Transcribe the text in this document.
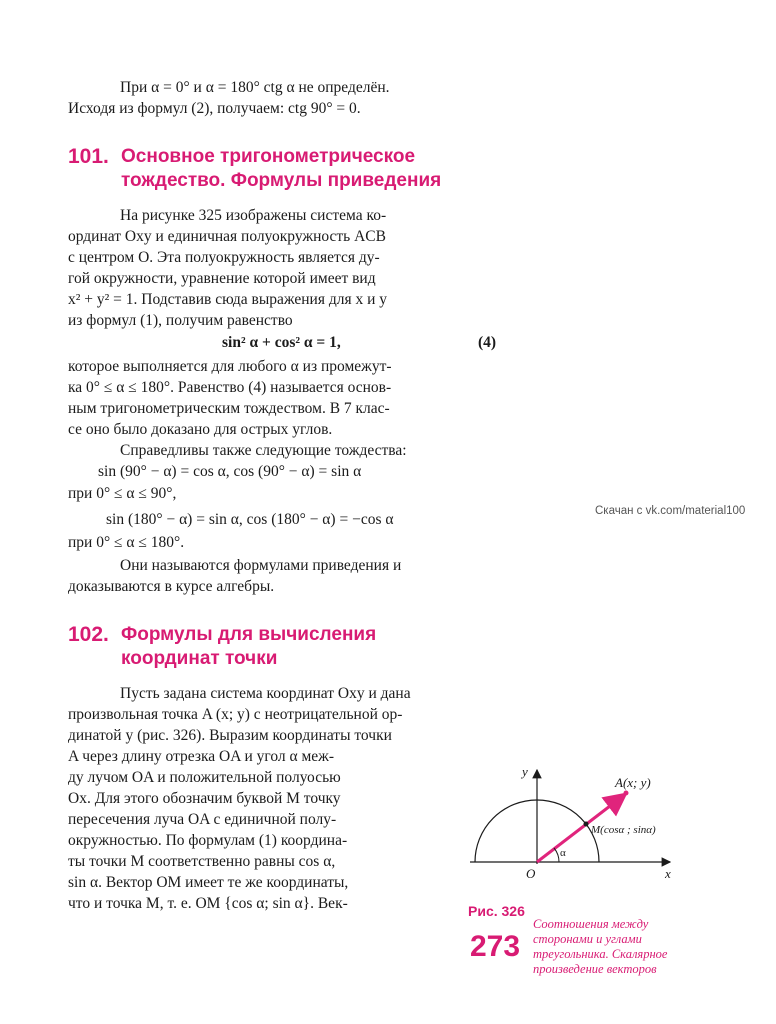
При α = 0° и α = 180° ctg α не определён.
Исходя из формул (2), получаем: ctg 90° = 0.
101. Основное тригонометрическое
тождество. Формулы приведения
На рисунке 325 изображены система ко-
ординат Oxy и единичная полуокружность ACB
с центром O. Эта полуокружность является ду-
гой окружности, уравнение которой имеет вид
x² + y² = 1. Подставив сюда выражения для x и y
из формул (1), получим равенство
sin² α + cos² α = 1,	(4)
которое выполняется для любого α из промежут-
ка 0° ≤ α ≤ 180°. Равенство (4) называется основ-
ным тригонометрическим тождеством. В 7 клас-
се оно было доказано для острых углов.
Справедливы также следующие тождества:
sin (90° − α) = cos α, cos (90° − α) = sin α
при 0° ≤ α ≤ 90°,
sin (180° − α) = sin α, cos (180° − α) = −cos α
при 0° ≤ α ≤ 180°.
Они называются формулами приведения и
доказываются в курсе алгебры.
Скачан с vk.com/material100
102. Формулы для вычисления
координат точки
Пусть задана система координат Oxy и дана
произвольная точка A (x; y) с неотрицательной ор-
динатой y (рис. 326). Выразим координаты точки
A через длину отрезка OA и угол α меж-
ду лучом OA и положительной полуосью
Ox. Для этого обозначим буквой M точку
пересечения луча OA с единичной полу-
окружностью. По формулам (1) координа-
ты точки M соответственно равны cos α,
sin α. Вектор OM имеет те же координаты,
что и точка M, т. е. OM {cos α; sin α}. Век-
y
x
O
A(x; y)
M(cosα ; sinα)
α
Рис. 326
273
Соотношения между
сторонами и углами
треугольника. Скалярное
произведение векторов
